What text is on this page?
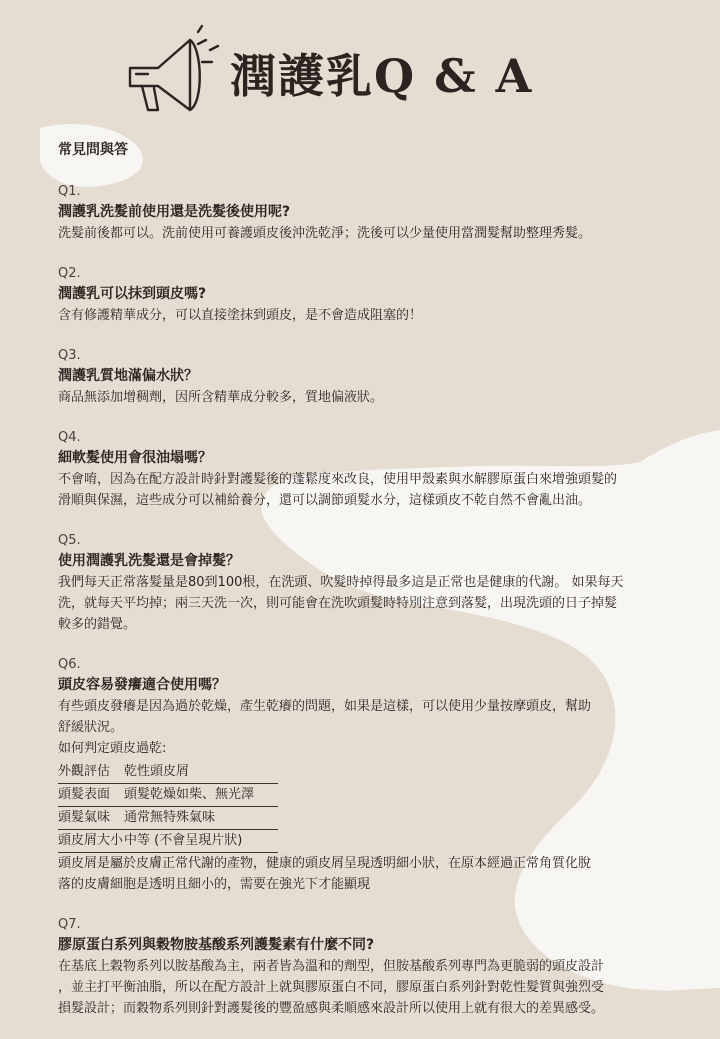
潤護乳Q & A
常見問與答
Q1.
潤護乳洗髮前使用還是洗髮後使用呢?
洗髮前後都可以。洗前使用可養護頭皮後沖洗乾淨；洗後可以少量使用當潤髮幫助整理秀髮。
Q2.
潤護乳可以抹到頭皮嗎?
含有修護精華成分，可以直接塗抹到頭皮，是不會造成阻塞的！
Q3.
潤護乳質地滿偏水狀？
商品無添加增稠劑，因所含精華成分較多，質地偏液狀。
Q4.
細軟髮使用會很油塌嗎？
不會唷，因為在配方設計時針對護髮後的蓬鬆度來改良，使用甲殼素與水解膠原蛋白來增強頭髮的
滑順與保濕，這些成分可以補給養分，還可以調節頭髮水分，這樣頭皮不乾自然不會亂出油。
Q5.
使用潤護乳洗髮還是會掉髮？
我們每天正常落髮量是80到100根，在洗頭、吹髮時掉得最多這是正常也是健康的代謝。 如果每天
洗，就每天平均掉；兩三天洗一次，則可能會在洗吹頭髮時特別注意到落髮，出現洗頭的日子掉髮
較多的錯覺。
Q6.
頭皮容易發癢適合使用嗎？
有些頭皮發癢是因為過於乾燥，產生乾癢的問題，如果是這樣，可以使用少量按摩頭皮，幫助
舒緩狀況。
如何判定頭皮過乾:
外觀評估 乾性頭皮屑
頭髮表面 頭髮乾燥如柴、無光澤
頭髮氣味 通常無特殊氣味
頭皮屑大小中等 (不會呈現片狀)
頭皮屑是屬於皮膚正常代謝的產物，健康的頭皮屑呈現透明細小狀，在原本經過正常角質化脫
落的皮膚細胞是透明且細小的，需要在強光下才能顯現
Q7.
膠原蛋白系列與穀物胺基酸系列護髮素有什麼不同?
在基底上穀物系列以胺基酸為主，兩者皆為溫和的劑型，但胺基酸系列專門為更脆弱的頭皮設計
，並主打平衡油脂，所以在配方設計上就與膠原蛋白不同，膠原蛋白系列針對乾性髮質與強烈受
損髮設計；而穀物系列則針對護髮後的豐盈感與柔順感來設計所以使用上就有很大的差異感受。
